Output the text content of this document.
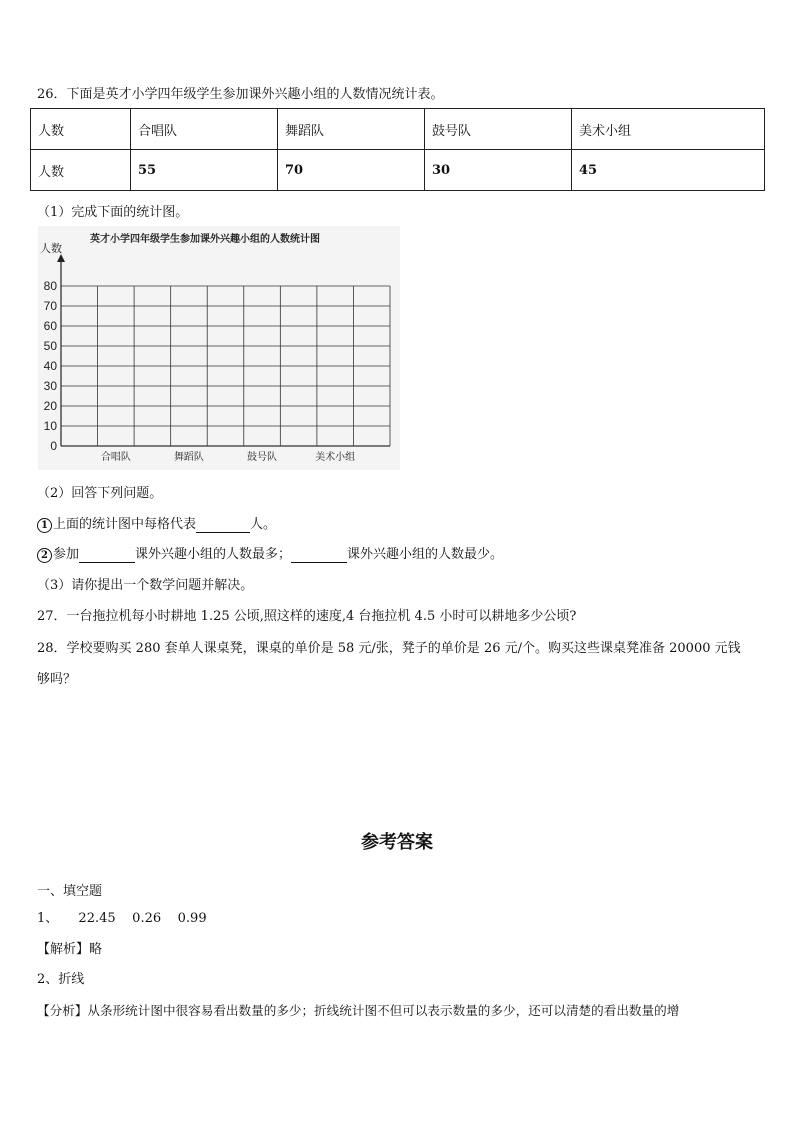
26．下面是英才小学四年级学生参加课外兴趣小组的人数情况统计表。
人数	合唱队	舞蹈队	鼓号队	美术小组
人数	55	70	30	45
（1）完成下面的统计图。
英才小学四年级学生参加课外兴趣小组的人数统计图
人数
0
10
20
30
40
50
60
70
80
合唱队	舞蹈队	鼓号队	美术小组
（2）回答下列问题。
1 上面的统计图中每格代表	人。
2 参加	课外兴趣小组的人数最多；	课外兴趣小组的人数最少。
（3）请你提出一个数学问题并解决。
27．一台拖拉机每小时耕地 1.25 公顷,照这样的速度,4 台拖拉机 4.5 小时可以耕地多少公顷?
28．学校要购买 280 套单人课桌凳，课桌的单价是 58 元/张，凳子的单价是 26 元/个。购买这些课桌凳准备 20000 元钱
够吗？
参考答案
一、填空题
1、 22.45    0.26    0.99
【解析】略
2、折线
【分析】从条形统计图中很容易看出数量的多少；折线统计图不但可以表示数量的多少，还可以清楚的看出数量的增
